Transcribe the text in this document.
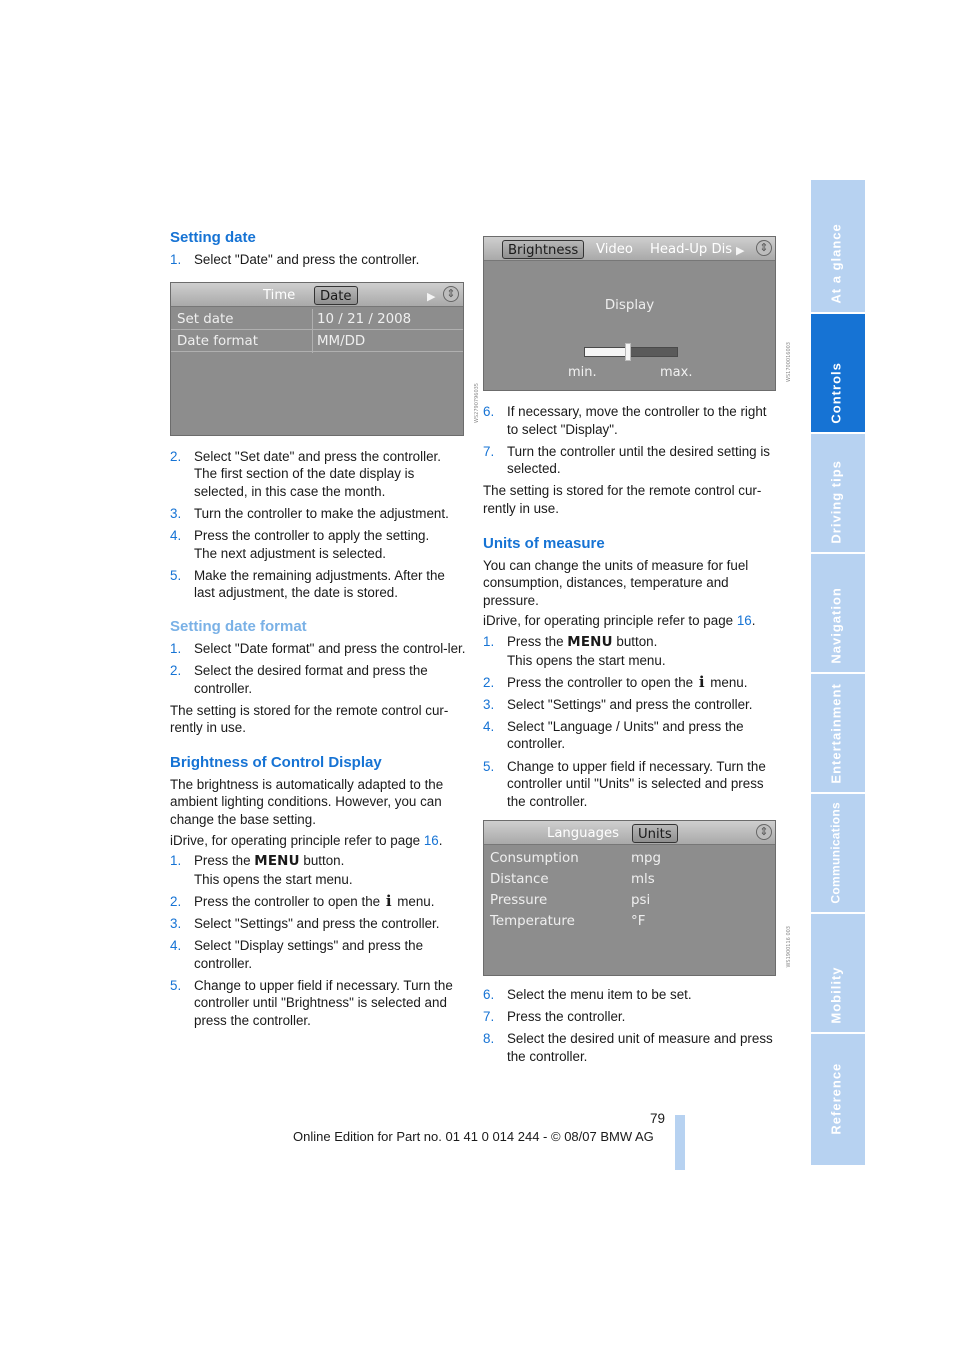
Setting date
1. Select "Date" and press the controller.
Time	Date	▶ ⇕
Set date	10 / 21 / 2008
Date format	MM/DD
WS2790796035
2. Select "Set date" and press the controller.
The first section of the date display is selected, in this case the month.
3. Turn the controller to make the adjustment.
4. Press the controller to apply the setting.
The next adjustment is selected.
5. Make the remaining adjustments. After the last adjustment, the date is stored.
Setting date format
1. Select "Date format" and press the control-ler.
2. Select the desired format and press the controller.

The setting is stored for the remote control cur-rently in use.

Brightness of Control Display

The brightness is automatically adapted to the ambient lighting conditions. However, you can change the base setting.

iDrive, for operating principle refer to page 16.

1. Press the MENU button.
This opens the start menu.
2. Press the controller to open the i menu.
3. Select "Settings" and press the controller.
4. Select "Display settings" and press the controller.
5. Change to upper field if necessary. Turn the controller until "Brightness" is selected and press the controller.
Brightness	Video Head-Up Dis ▶	⇕
Display
min.	max.	WS1700016003
6. If necessary, move the controller to the right to select "Display".
7. Turn the controller until the desired setting is selected.

The setting is stored for the remote control cur-rently in use.

Units of measure

You can change the units of measure for fuel consumption, distances, temperature and pressure.

iDrive, for operating principle refer to page 16.

1. Press the MENU button.
This opens the start menu.
2. Press the controller to open the i menu.
3. Select "Settings" and press the controller.
4. Select "Language / Units" and press the controller.
5. Change to upper field if necessary. Turn the controller until "Units" is selected and press the controller.
Languages	Units	⇕
Consumption	mpg
Distance	mls
Pressure	psi
Temperature	°F
WS1900116 003
6. Select the menu item to be set.
7. Press the controller.
8. Select the desired unit of measure and press the controller.
At a glance
Controls
Driving tips
Navigation
Entertainment
Communications
Mobility
Reference
79
Online Edition for Part no. 01 41 0 014 244 - © 08/07 BMW AG
